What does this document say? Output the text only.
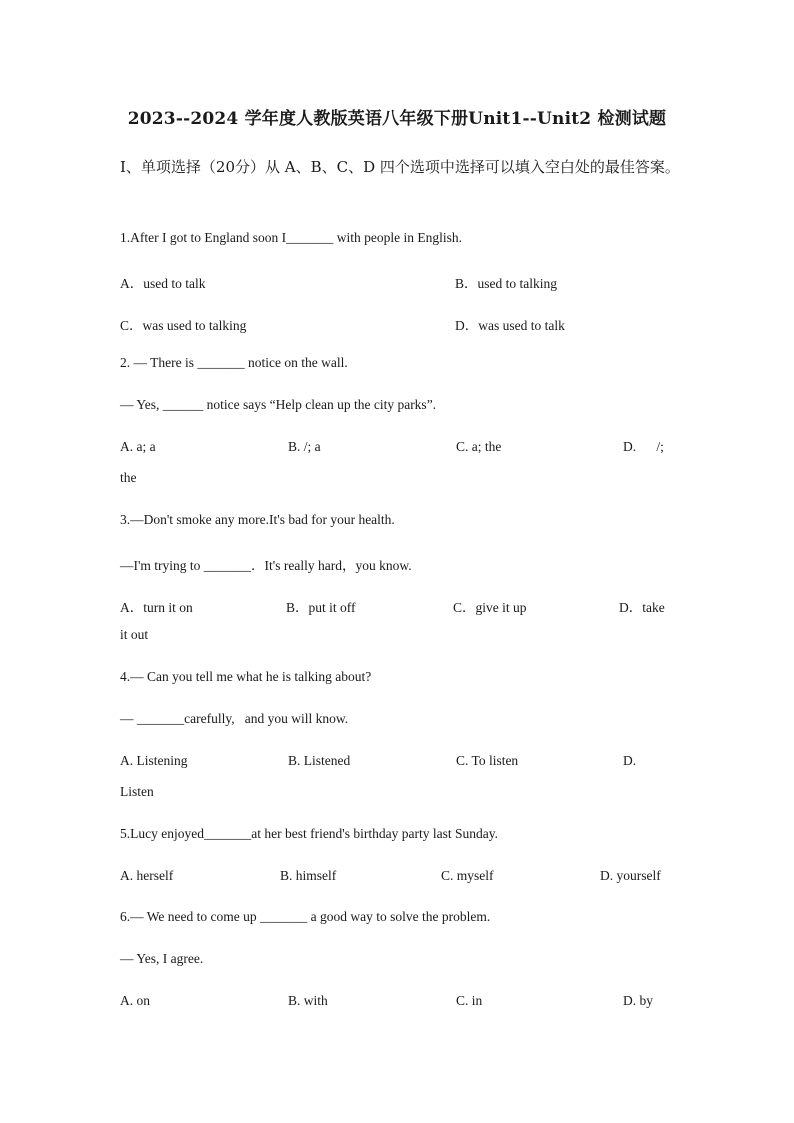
2023--2024 学年度人教版英语八年级下册Unit1--Unit2 检测试题
Ⅰ、单项选择（20分）从 A、B、C、D 四个选项中选择可以填入空白处的最佳答案。
1.After I got to England soon I_______ with people in English.
A．used to talk	B．used to talking
C．was used to talking	D．was used to talk
2. — There is _______ notice on the wall.
— Yes, ______ notice says “Help clean up the city parks”.
A. a; a	B. /; a	C. a; the	D.      /;
the
3.—Don't smoke any more.It's bad for your health.
—I'm trying to _______．It's really hard，you know.
A．turn it on	B．put it off	C．give it up	D．take
it out
4.— Can you tell me what he is talking about?
— _______carefully,   and you will know.
A. Listening	B. Listened	C. To listen	D.
Listen
5.Lucy enjoyed_______at her best friend's birthday party last Sunday.
A. herself	B. himself	C. myself	D. yourself
6.— We need to come up _______ a good way to solve the problem.
— Yes, I agree.
A. on	B. with	C. in	D. by
